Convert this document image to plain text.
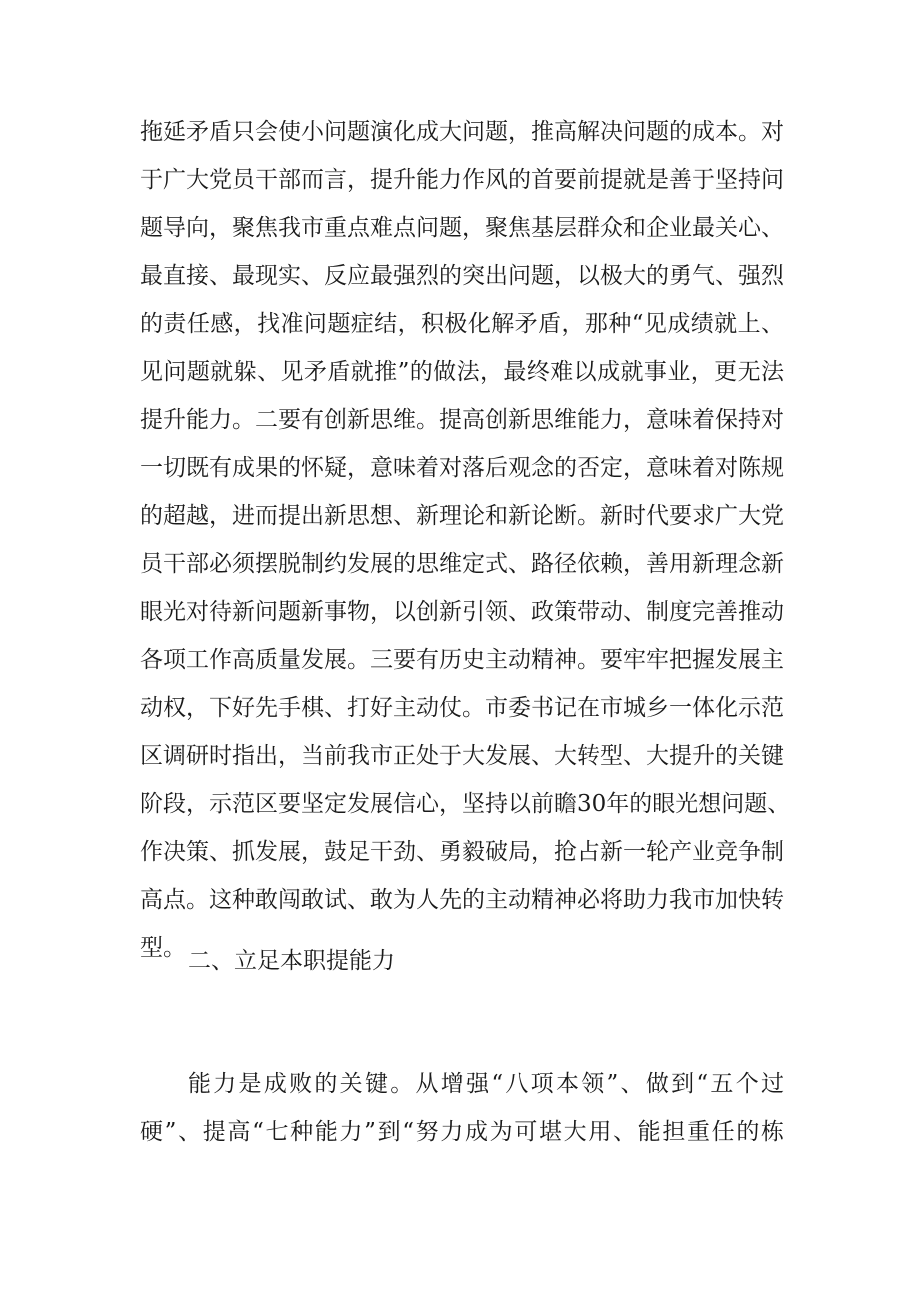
拖延矛盾只会使小问题演化成大问题，推高解决问题的成本。对
于广大党员干部而言，提升能力作风的首要前提就是善于坚持问
题导向，聚焦我市重点难点问题，聚焦基层群众和企业最关心、
最直接、最现实、反应最强烈的突出问题，以极大的勇气、强烈
的责任感，找准问题症结，积极化解矛盾，那种“见成绩就上、
见问题就躲、见矛盾就推”的做法，最终难以成就事业，更无法
提升能力。二要有创新思维。提高创新思维能力，意味着保持对
一切既有成果的怀疑，意味着对落后观念的否定，意味着对陈规
的超越，进而提出新思想、新理论和新论断。新时代要求广大党
员干部必须摆脱制约发展的思维定式、路径依赖，善用新理念新
眼光对待新问题新事物，以创新引领、政策带动、制度完善推动
各项工作高质量发展。三要有历史主动精神。要牢牢把握发展主
动权，下好先手棋、打好主动仗。市委书记在市城乡一体化示范
区调研时指出，当前我市正处于大发展、大转型、大提升的关键
阶段，示范区要坚定发展信心，坚持以前瞻30年的眼光想问题、
作决策、抓发展，鼓足干劲、勇毅破局，抢占新一轮产业竞争制
高点。这种敢闯敢试、敢为人先的主动精神必将助力我市加快转
型。 二、立足本职提能力
能力是成败的关键。从增强“八项本领”、做到“五个过
硬”、提高“七种能力”到“努力成为可堪大用、能担重任的栋
